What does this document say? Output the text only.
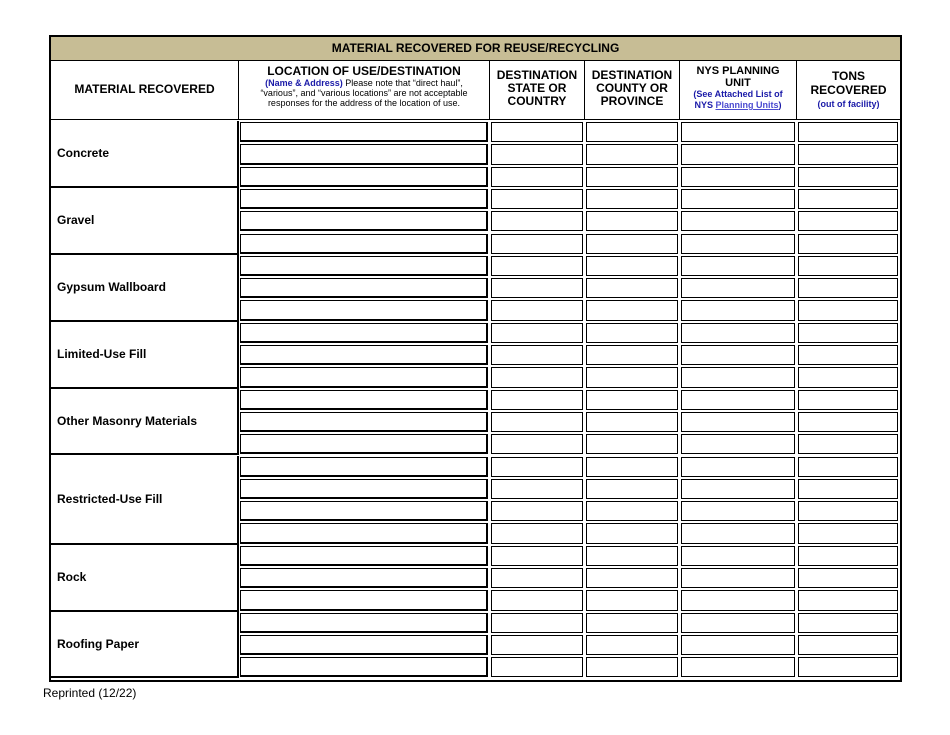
MATERIAL RECOVERED FOR REUSE/RECYCLING
MATERIAL RECOVERED
LOCATION OF USE/DESTINATION
(Name & Address) Please note that “direct haul”, “various”, and “various locations” are not acceptable responses for the address of the location of use.
DESTINATION STATE OR COUNTRY
DESTINATION COUNTY OR PROVINCE
NYS PLANNING UNIT
(See Attached List of NYS Planning Units)
TONS RECOVERED
(out of facility)
Concrete
Gravel
Gypsum Wallboard
Limited-Use Fill
Other Masonry Materials
Restricted-Use Fill
Rock
Roofing Paper
Reprinted (12/22)
